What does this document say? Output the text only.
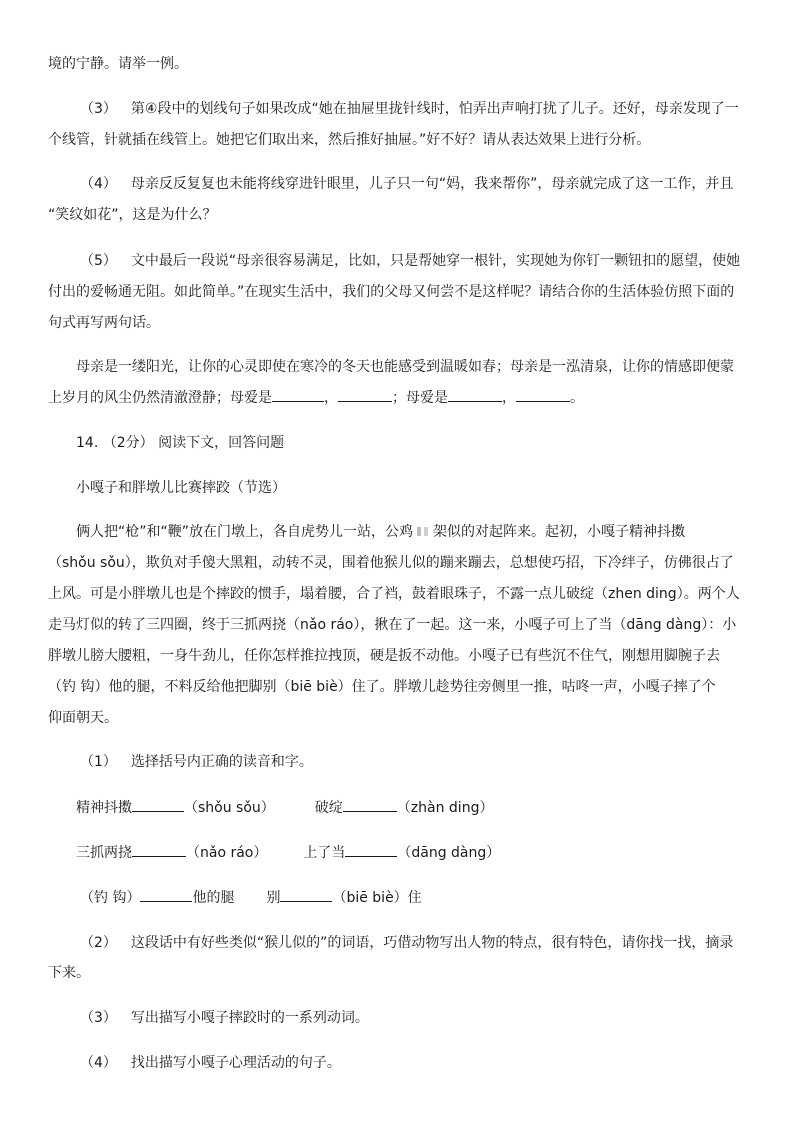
境的宁静。请举一例。
（3） 第④段中的划线句子如果改成“她在抽屉里拢针线时，怕弄出声响打扰了儿子。还好，母亲发现了一
个线管，针就插在线管上。她把它们取出来，然后推好抽屉。”好不好？请从表达效果上进行分析。
（4） 母亲反反复复也未能将线穿进针眼里，儿子只一句“妈，我来帮你”，母亲就完成了这一工作，并且
“笑纹如花”，这是为什么？
（5） 文中最后一段说“母亲很容易满足，比如，只是帮她穿一根针，实现她为你钉一颗钮扣的愿望，使她
付出的爱畅通无阻。如此简单。”在现实生活中，我们的父母又何尝不是这样呢？请结合你的生活体验仿照下面的
句式再写两句话。
母亲是一缕阳光，让你的心灵即使在寒冷的冬天也能感受到温暖如春；母亲是一泓清泉，让你的情感即便蒙
上岁月的风尘仍然清澈澄静；母爱是	，	；母爱是	，	。
14. （2分） 阅读下文，回答问题
小嘎子和胖墩儿比赛摔跤（节选）
俩人把“枪”和“鞭”放在门墩上，各自虎势儿一站，公鸡 架似的对起阵来。起初，小嘎子精神抖擞
（shǒu sǒu），欺负对手傻大黑粗，动转不灵，围着他猴儿似的蹦来蹦去，总想使巧招，下冷绊子，仿佛很占了
上风。可是小胖墩儿也是个摔跤的惯手，塌着腰，合了裆，鼓着眼珠子，不露一点儿破绽（zhen ding）。两个人
走马灯似的转了三四圈，终于三抓两挠（nǎo ráo），揪在了一起。这一来，小嘎子可上了当（dāng dàng）：小
胖墩儿膀大腰粗，一身牛劲儿，任你怎样推拉拽顶，硬是扳不动他。小嘎子已有些沉不住气，刚想用脚腕子去
（钓 钩）他的腿，不料反给他把脚别（biē biè）住了。胖墩儿趁势往旁侧里一推，咕咚一声，小嘎子摔了个
仰面朝天。
（1） 选择括号内正确的读音和字。
精神抖擞	（shǒu sǒu）	破绽	（zhàn ding）
三抓两挠	（nǎo ráo）	上了当	（dāng dàng）
（钓 钩）	他的腿 别	（biē biè）住
（2） 这段话中有好些类似“猴儿似的”的词语，巧借动物写出人物的特点，很有特色，请你找一找，摘录
下来。
（3） 写出描写小嘎子摔跤时的一系列动词。
（4） 找出描写小嘎子心理活动的句子。
